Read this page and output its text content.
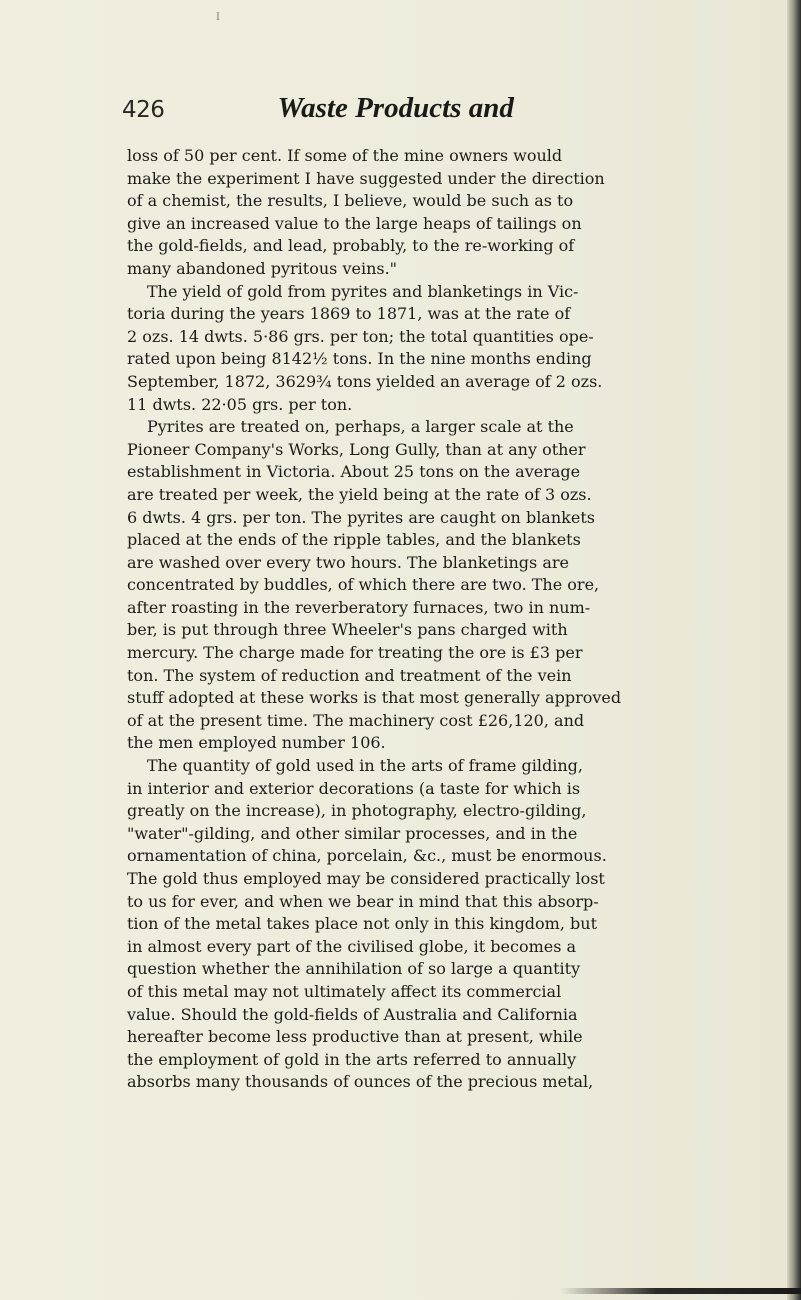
I
426	Waste Products and
loss of 50 per cent. If some of the mine owners would
make the experiment I have suggested under the direction
of a chemist, the results, I believe, would be such as to
give an increased value to the large heaps of tailings on
the gold-fields, and lead, probably, to the re-working of
many abandoned pyritous veins."
The yield of gold from pyrites and blanketings in Vic-
toria during the years 1869 to 1871, was at the rate of
2 ozs. 14 dwts. 5·86 grs. per ton; the total quantities ope-
rated upon being 8142½ tons. In the nine months ending
September, 1872, 3629¾ tons yielded an average of 2 ozs.
11 dwts. 22·05 grs. per ton.
Pyrites are treated on, perhaps, a larger scale at the
Pioneer Company's Works, Long Gully, than at any other
establishment in Victoria. About 25 tons on the average
are treated per week, the yield being at the rate of 3 ozs.
6 dwts. 4 grs. per ton. The pyrites are caught on blankets
placed at the ends of the ripple tables, and the blankets
are washed over every two hours. The blanketings are
concentrated by buddles, of which there are two. The ore,
after roasting in the reverberatory furnaces, two in num-
ber, is put through three Wheeler's pans charged with
mercury. The charge made for treating the ore is £3 per
ton. The system of reduction and treatment of the vein
stuff adopted at these works is that most generally approved
of at the present time. The machinery cost £26,120, and
the men employed number 106.
The quantity of gold used in the arts of frame gilding,
in interior and exterior decorations (a taste for which is
greatly on the increase), in photography, electro-gilding,
"water"-gilding, and other similar processes, and in the
ornamentation of china, porcelain, &c., must be enormous.
The gold thus employed may be considered practically lost
to us for ever, and when we bear in mind that this absorp-
tion of the metal takes place not only in this kingdom, but
in almost every part of the civilised globe, it becomes a
question whether the annihilation of so large a quantity
of this metal may not ultimately affect its commercial
value. Should the gold-fields of Australia and California
hereafter become less productive than at present, while
the employment of gold in the arts referred to annually
absorbs many thousands of ounces of the precious metal,
